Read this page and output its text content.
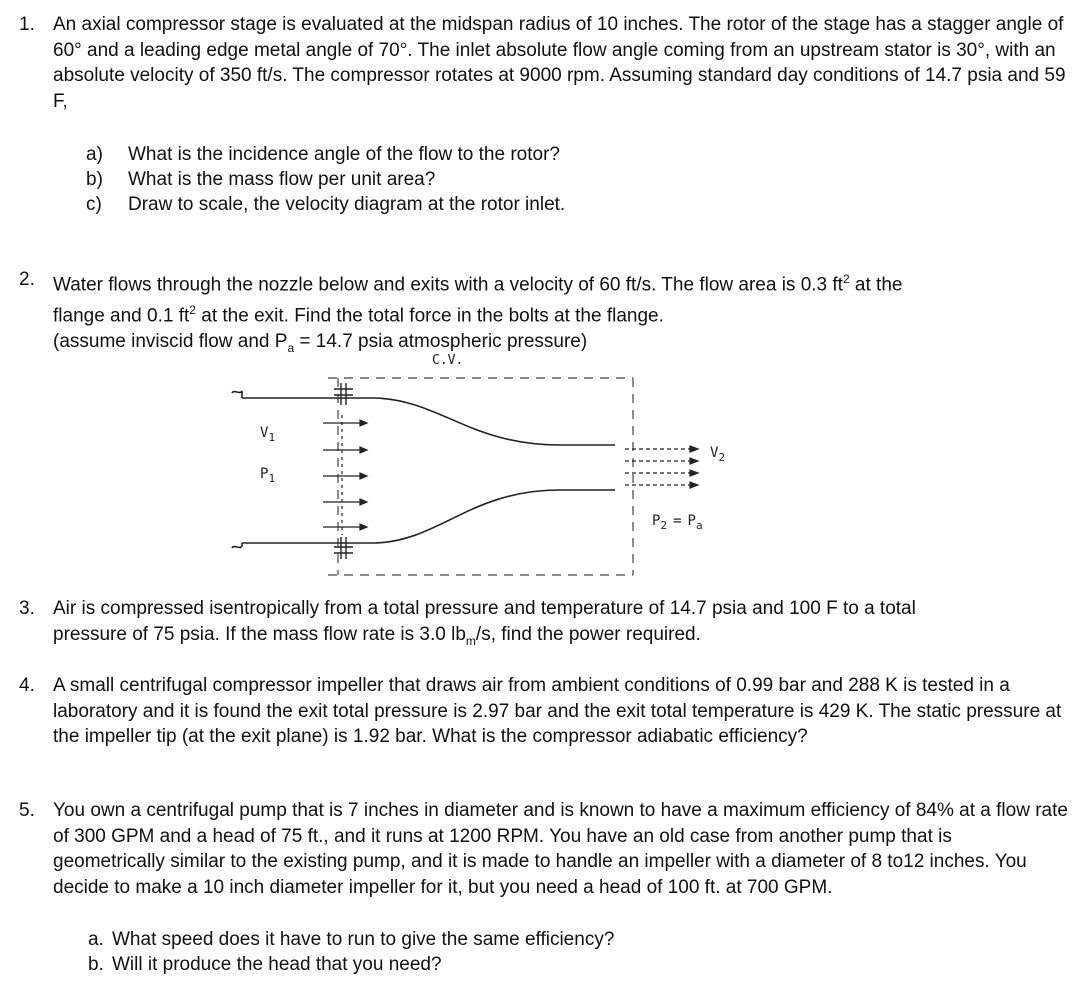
1. An axial compressor stage is evaluated at the midspan radius of 10 inches. The rotor of the stage has a stagger angle of 60° and a leading edge metal angle of 70°. The inlet absolute flow angle coming from an upstream stator is 30°, with an absolute velocity of 350 ft/s. The compressor rotates at 9000 rpm. Assuming standard day conditions of 14.7 psia and 59 F,
a) What is the incidence angle of the flow to the rotor?
b) What is the mass flow per unit area?
c) Draw to scale, the velocity diagram at the rotor inlet.
2. Water flows through the nozzle below and exits with a velocity of 60 ft/s. The flow area is 0.3 $ft^2$ at the
flange and 0.1 $ft^2$ at the exit. Find the total force in the bolts at the flange.
(assume inviscid flow and $P_a = 14.7$ psia atmospheric pressure)
C.V.
$V_1$
$P_1$
$V_2$
$P_2 = P_a$
3. Air is compressed isentropically from a total pressure and temperature of 14.7 psia and 100 F to a total
pressure of 75 psia. If the mass flow rate is 3.0 $lb_m/s$, find the power required.
4. A small centrifugal compressor impeller that draws air from ambient conditions of 0.99 bar and 288 K is tested in a laboratory and it is found the exit total pressure is 2.97 bar and the exit total temperature is 429 K. The static pressure at the impeller tip (at the exit plane) is 1.92 bar. What is the compressor adiabatic efficiency?
5. You own a centrifugal pump that is 7 inches in diameter and is known to have a maximum efficiency of 84% at a flow rate of 300 GPM and a head of 75 ft., and it runs at 1200 RPM. You have an old case from another pump that is geometrically similar to the existing pump, and it is made to handle an impeller with a diameter of 8 to12 inches. You decide to make a 10 inch diameter impeller for it, but you need a head of 100 ft. at 700 GPM.
a. What speed does it have to run to give the same efficiency?
b. Will it produce the head that you need?
